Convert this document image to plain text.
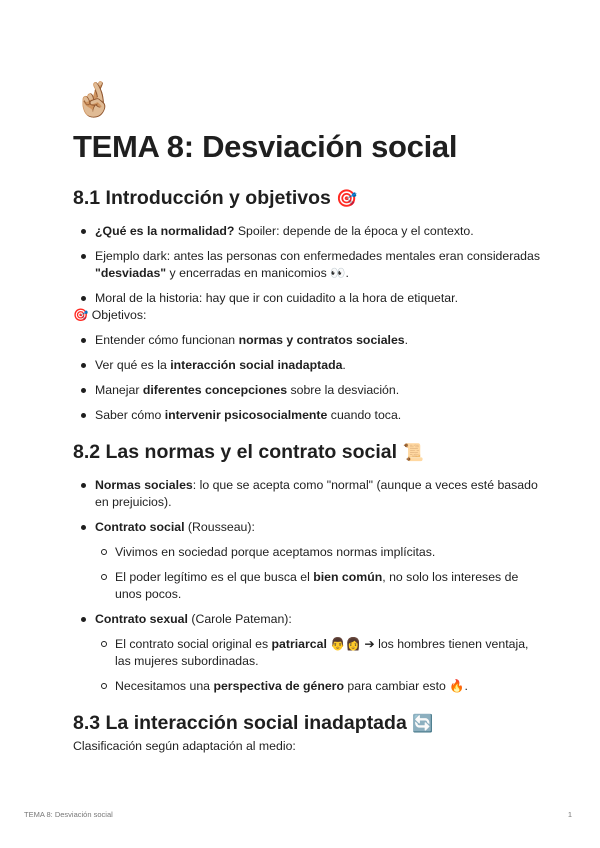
🤞🏼
TEMA 8: Desviación social
8.1 Introducción y objetivos 🎯
¿Qué es la normalidad? Spoiler: depende de la época y el contexto.
Ejemplo dark: antes las personas con enfermedades mentales eran consideradas "desviadas" y encerradas en manicomios 👀.
Moral de la historia: hay que ir con cuidadito a la hora de etiquetar.

🎯 Objetivos:

Entender cómo funcionan normas y contratos sociales.
Ver qué es la interacción social inadaptada.
Manejar diferentes concepciones sobre la desviación.
Saber cómo intervenir psicosocialmente cuando toca.
8.2 Las normas y el contrato social 📜
Normas sociales: lo que se acepta como "normal" (aunque a veces esté basado en prejuicios).
Contrato social (Rousseau):
Vivimos en sociedad porque aceptamos normas implícitas.
El poder legítimo es el que busca el bien común, no solo los intereses de unos pocos.
Contrato sexual (Carole Pateman):
El contrato social original es patriarcal 👨👩 ➔ los hombres tienen ventaja, las mujeres subordinadas.
Necesitamos una perspectiva de género para cambiar esto 🔥.
8.3 La interacción social inadaptada 🔄

Clasificación según adaptación al medio:

TEMA 8: Desviación social	1
